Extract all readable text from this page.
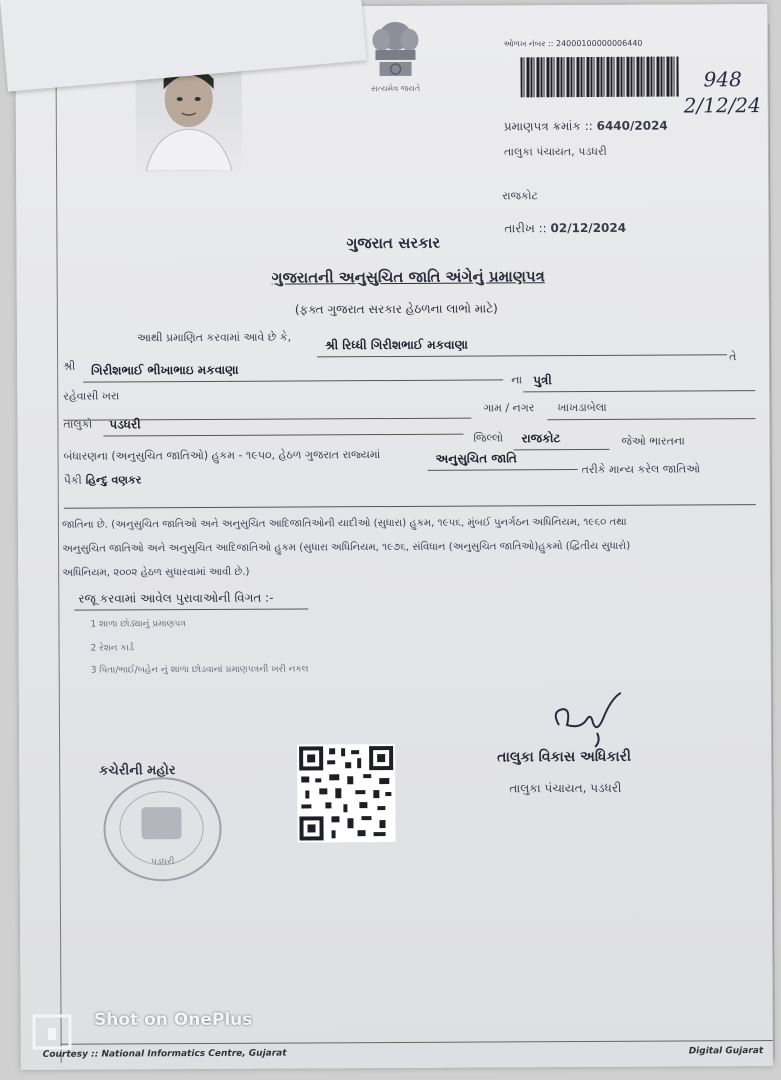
સત્યમેવ જયતે
ઓળખ નંબર :: 24000100000006440
948
2/12/24
પ્રમાણપત્ર ક્રમાંક :: 6440/2024
તાલુકા પંચાયત, પડધરી
રાજકોટ
તારીખ :: 02/12/2024
ગુજરાત સરકાર
ગુજરાતની અનુસુચિત જાતિ અંગેનું પ્રમાણપત્ર
(ફક્ત ગુજરાત સરકાર હેઠળના લાભો માટે)
આથી પ્રમાણિત કરવામાં આવે છે કે,
શ્રી રિધ્ધી ગિરીશભાઈ મકવાણા
તે
શ્રી ગિરીશભાઈ ભીખાભાઇ મકવાણા
ના પુત્રી
રહેવાસી ખરા
ગામ / નગર ખાખડાબેલા
તાલુકો પડધરી
જિલ્લો રાજકોટ	જેઓ ભારતના
બંધારણના (અનુસુચિત જાતિઓ) હુકમ - ૧૯૫૦, હેઠળ ગુજરાત રાજ્યમાં	અનુસુચિત જાતિ
તરીકે માન્ય કરેલ જાતિઓ
પૈકી હિન્દુ વણકર
જાતિના છે. (અનુસુચિત જાતિઓ અને અનુસુચિત આદિજાતિઓની યાદીઓ (સુધારા) હુકમ, ૧૯૫૬, મુંબઈ પુનર્ગઠન અધિનિયમ, ૧૯૬૦ તથા
અનુસુચિત જાતિઓ અને અનુસુચિત આદિજાતિઓ હુકમ (સુધારા અધિનિયમ, ૧૯૭૬, સંવિધાન (અનુસુચિત જાતિઓ)હુકમો (દ્વિતીય સુધારો)
અધિનિયમ, ૨૦૦૨ હેઠળ સુધારવામાં આવી છે.)
રજૂ કરવામાં આવેલ પુરાવાઓની વિગત :-
1 શાળા છોડ્યાનું પ્રમાણપત્ર
2 રેશન કાર્ડ
3 પિતા/ભાઈ/બહેન નું શાળા છોડવાનાં પ્રમાણપત્રની ખરી નકલ
તાલુકા વિકાસ અધિકારી
તાલુકા પંચાયત, પડધરી
કચેરીની મહોર
પડધરી
Courtesy :: National Informatics Centre, Gujarat	Digital Gujarat
Shot on OnePlus
